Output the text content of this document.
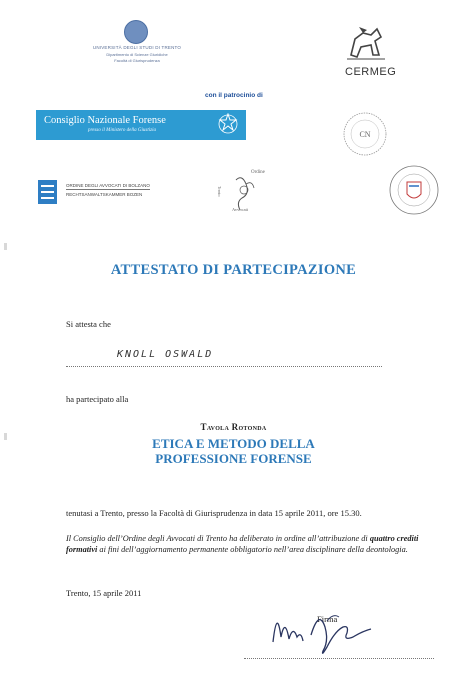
UNIVERSITÀ DEGLI STUDI DI TRENTO
Dipartimento di Scienze Giuridiche
Facoltà di Giurisprudenza
CERMEG
con il patrocinio di
Consiglio Nazionale Forense
presso il Ministero della Giustizia	CN
ORDINE DEGLI AVVOCATI DI BOLZANO
RECHTSANWALTSKAMMER BOZEN
Ordine
Trento
Avvocati
ATTESTATO DI PARTECIPAZIONE
Si attesta che
KNOLL OSWALD
ha partecipato alla
Tavola Rotonda
ETICA E METODO DELLA
PROFESSIONE FORENSE
tenutasi a Trento, presso la Facoltà di Giurisprudenza in data 15 aprile 2011, ore 15.30.
Il Consiglio dell’Ordine degli Avvocati di Trento ha deliberato in ordine all’attribuzione di quattro crediti formativi ai fini dell’aggiornamento permanente obbligatorio nell’area disciplinare della deontologia.
Trento, 15 aprile 2011
Firma
